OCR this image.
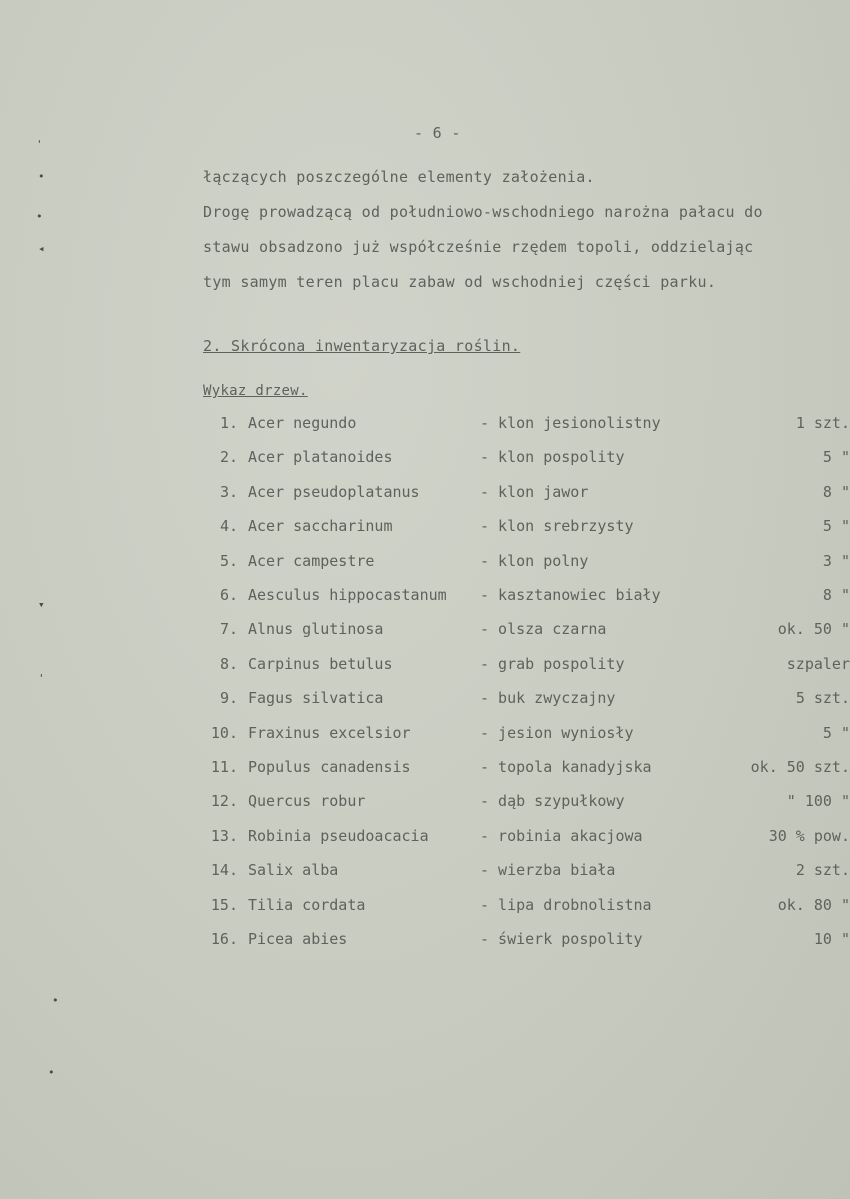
'
•
•
◂
▾
'
•
•
- 6 -
łączących poszczególne elementy założenia.
Drogę prowadzącą od południowo-wschodniego narożna pałacu do
stawu obsadzono już współcześnie rzędem topoli, oddzielając
tym samym teren placu zabaw od wschodniej części parku.
2. Skrócona inwentaryzacja roślin.
Wykaz drzew.
1. Acer negundo	- klon jesionolistny	1 szt.
2. Acer platanoides	- klon pospolity	5 "
3. Acer pseudoplatanus	- klon jawor	8 "
4. Acer saccharinum	- klon srebrzysty	5 "
5. Acer campestre	- klon polny	3 "
6. Aesculus hippocastanum - kasztanowiec biały	8 "
7. Alnus glutinosa	- olsza czarna	ok. 50 "
8. Carpinus betulus	- grab pospolity	szpaler
9. Fagus silvatica	- buk zwyczajny	5 szt.
10. Fraxinus excelsior	- jesion wyniosły	5 "
11. Populus canadensis	- topola kanadyjska	ok. 50 szt.
12. Quercus robur	- dąb szypułkowy	" 100 "
13. Robinia pseudoacacia	- robinia akacjowa	30 % pow.
14. Salix alba	- wierzba biała	2 szt.
15. Tilia cordata	- lipa drobnolistna	ok. 80 "
16. Picea abies	- świerk pospolity	10 "
